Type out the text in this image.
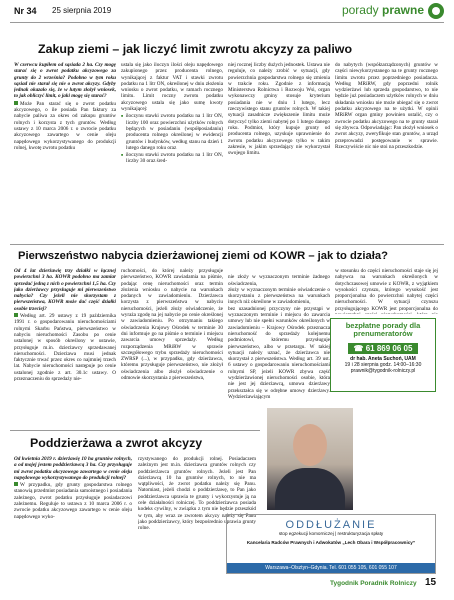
Nr 34 25 sierpnia 2019	porady prawne
Zakup ziemi – jak liczyć limit zwrotu akcyzy za paliwo

W czerwcu kupiłem od sąsiada 2 ha. Czy mogę starać się o zwrot podatku akcyzowego za grunty do 2 września? Podobno w tym roku sąsiad nie starał się nie o zwrot akcyzy. Gdyby jednak okazało się, że w lutym złożył wniosek, to jak obliczyć limit, o jaki mogę się starać?

Może Pan starać się o zwrot podatku akcyzowego, o ile posiada Pan faktury za nabycie paliwa za okres od zakupu gruntów rolnych i korzysta z tych gruntów. Według ustawy z 10 marca 2006 r. o zwrocie podatku akcyzowego zawartego w cenie oleju napędowego wykorzystywanego do produkcji rolnej, kwotę zwrotu podatku

ustala się jako iloczyn ilości oleju napędowego zakupionego przez producenta rolnego, wynikającej z faktur VAT i stawki zwrotu podatku na 1 litr ON, określonej w dniu złożenia wniosku o zwrot podatku, w ramach rocznego limitu. Limit roczny zwrotu podatku akcyzowego ustala się jako sumę kwoty wynikającej:

■ iloczynu stawki zwrotu podatku na 1 litr ON, liczby 100 oraz powierzchni użytków rolnych będących w posiadaniu (współposiadaniu) producenta rolnego określonej w ewidencji gruntów i budynków, według stanu na dzień 1 lutego danego roku oraz

■ iloczynu stawki zwrotu podatku na 1 litr ON, liczby 30 oraz śred-

niej rocznej liczby dużych jednostek. Ustawa nie reguluje, co należy zrobić w sytuacji, gdy powierzchnia gospodarstwa rolnego się zmienia w trakcie roku. Zgodnie z informacją Ministerstwa Rolnictwa i Rozwoju Wsi, organ wykonawczy gminy stosuje kryterium posiadania nie w dniu 1 lutego, lecz rzeczywistego stanu gruntów rolnych. W takiej sytuacji zasadnicze zwiększenie limitu może dotyczyć tylko ziemi nabytej po 1 lutego danego roku. Podmiot, który kupuje grunty od producenta rolnego, uzyskuje uprawnienie do zwrotu podatku akcyzowego tylko w takim zakresie, w jakim sprzedający nie wykorzystał swojego limitu.

do nabytych (współzarządzonych) gruntów w części niewykorzystanego na te grunty rocznego limitu zwrotu przez poprzedniego posiadacza. Według MRiRW, gdy poprzedni rolnik wydzierżawi lub sprzeda gospodarstwo, to nie będzie już posiadaczem użytków rolnych w dniu składania wniosku nie może ubiegać się o zwrot podatku akcyzowego na te użytki. W opinii MRiRW organ gminy powinien ustalić, czy o zwrocie podatku akcyzowego na te grunty starał się zbywca. Odpowiadając: Pan złożył wniosek o zwrot akcyzy, zweryfikuje stan gruntów, a urząd przeprowadzi postępowanie w sprawie. Rzeczywiście nic nie stoi na przeszkodzie.

Pierwszeństwo nabycia dzierżawionej ziemi od KOWR – jak to działa?

Od 4 lat dzierżawię trzy działki w łącznej powierzchni 3 ha. KOWR podobno ma zamiar sprzedać jedną z nich o powierzchni 1,5 ha. Czy jako dzierżawcy przysługuje mi pierwszeństwo nabycia? Czy jeżeli nie skorzystam z pierwszeństwa, KOWR może dać część działki osobie trzeciej?

Według art. 29 ustawy z 19 października 1991 r. o gospodarowaniu nieruchomościami rolnymi Skarbu Państwa, pierwszeństwo w nabyciu nieruchomości Zasobu po cenie ustalonej w sposób określony w ustawie, przysługuje m.in. dzierżawcy sprzedawanej nieruchomości. Dzierżawa musi jednak faktycznie trwać przez okres co najmniej trzech lat. Nabycie nieruchomości następuje po cenie ustalonej zgodnie z art. 30.1c ustawy. O przeznaczeniu do sprzedaży nie-

ruchomości, do której należy przysługuje pierwszeństwo, KOWR zawiadamia na piśmie, podając cenę nieruchomości oraz termin złożenia wniosku o nabycie na warunkach podanych w zawiadomieniu. Dzierżawca korzysta z pierwszeństwa w nabyciu nieruchomości, jeżeli złoży oświadczenie, że wyraża zgodę na jej nabycie po cenie określonej w zawiadomieniu. Po otrzymaniu takiego oświadczenia Krajowy Ośrodek w terminie 30 dni informuje go na piśmie o terminie i miejscu zawarcia umowy sprzedaży. Według rozporządzenia MRiRW w sprawie szczegółowego trybu sprzedaży nieruchomości ZWRSP (...), w przypadku, gdy dzierżawca, któremu przysługuje pierwszeństwo, nie złożył oświadczenia albo złożył oświadczenie o odmowie skorzystania z pierwszeństwa,

nie złoży w wyznaczonym terminie żadnego oświadczenia,
złoży w wyznaczonym terminie oświadczenie o skorzystaniu z pierwszeństwa na warunkach innych niż określone w zawiadomieniu,
bez uzasadnionej przyczyny nie przystąpi w wyznaczonym terminie i miejscu do zawarcia umowy lub nie spełni warunków określonych w zawiadomieniu – Krajowy Ośrodek przeznacza nieruchomość do sprzedaży kolejnemu podmiotowi, któremu przysługuje pierwszeństwo, albo w przetargu. W takiej sytuacji należy uznać, że dzierżawca nie skorzystał z pierwszeństwa. Według art. 39 ust. 6 ustawy o gospodarowaniu nieruchomościami rolnymi SP, jeżeli KOWR zbywa część wydzierżawionej nieruchomości osobie, która nie jest jej dzierżawcą, umowa dzierżawy przekształca się w odrębne umowy dzierżawy. Wydzierżawiającym

w stosunku do części nieruchomości staje się jej nabywca na warunkach określonych w dotychczasowej umowie z KOWR, z wyjątkiem wysokości czynszu, którego wysokość jest proporcjonalna do powierzchni nabytej części nieruchomości. W sytuacji czynszu przysługującego KOWR jest proporcjonalna do

bezpłatne porady dla prenumeratorów
☎ 61 869 06 05
dr hab. Aneta Suchoń, UAM
19 i 28 sierpnia godz. 14:00–16:30
prawnik@tygodnik-rolniczy.pl
Poddzierżawa a zwrot akcyzy

Od kwietnia 2019 r. dzierżawię 10 ha gruntów rolnych, a od mojej jestem poddzierżawcą 3 ha. Czy przysługuje mi zwrot podatku akcyzowego zawartego w cenie oleju napędowego wykorzystywanego do produkcji rolnej?

W przypadku, gdy grunty gospodarstwa rolnego stanowią przedmiot posiadania samoistnego i posiadania zależnego, zwrot podatku przysługuje posiadaczowi zależnemu. Reguluje to ustawa z 10 marca 2006 r. o zwrocie podatku akcyzowego zawartego w cenie oleju napędowego wyko-

rzystywanego do produkcji rolnej. Posiadaczem zależnym jest m.in. dzierżawca gruntów rolnych czy poddzierżawca gruntów rolnych. Jeżeli jest Pan dzierżawcą 10 ha gruntów rolnych, to nie ma wątpliwości, że zwrot podatku należy się Panu. Natomiast, jeżeli chodzi o poddzierżawę, to Pan jako poddzierżawca uprawia te grunty i wykorzystuje ją na cele działalności rolniczej. To poddzierżawca posiada kodeks cywilny, w związku z tym nie będzie przeszkód w tym, aby wraz ze zwrotem akcyzy należy się Panu jako poddzierżawcy, który bezpośrednio uprawia grunty rolne.	ODDŁUŻANIE
stop egzekucji komorniczej | restrukturyzacja spłaty
Kancelaria Radców Prawnych i Adwokatów „Lech Obara i Współpracownicy”
Warszawa–Olsztyn–Gdynia. Tel. 601 055 105, 601 055 107
Tygodnik Poradnik Rolniczy 15
